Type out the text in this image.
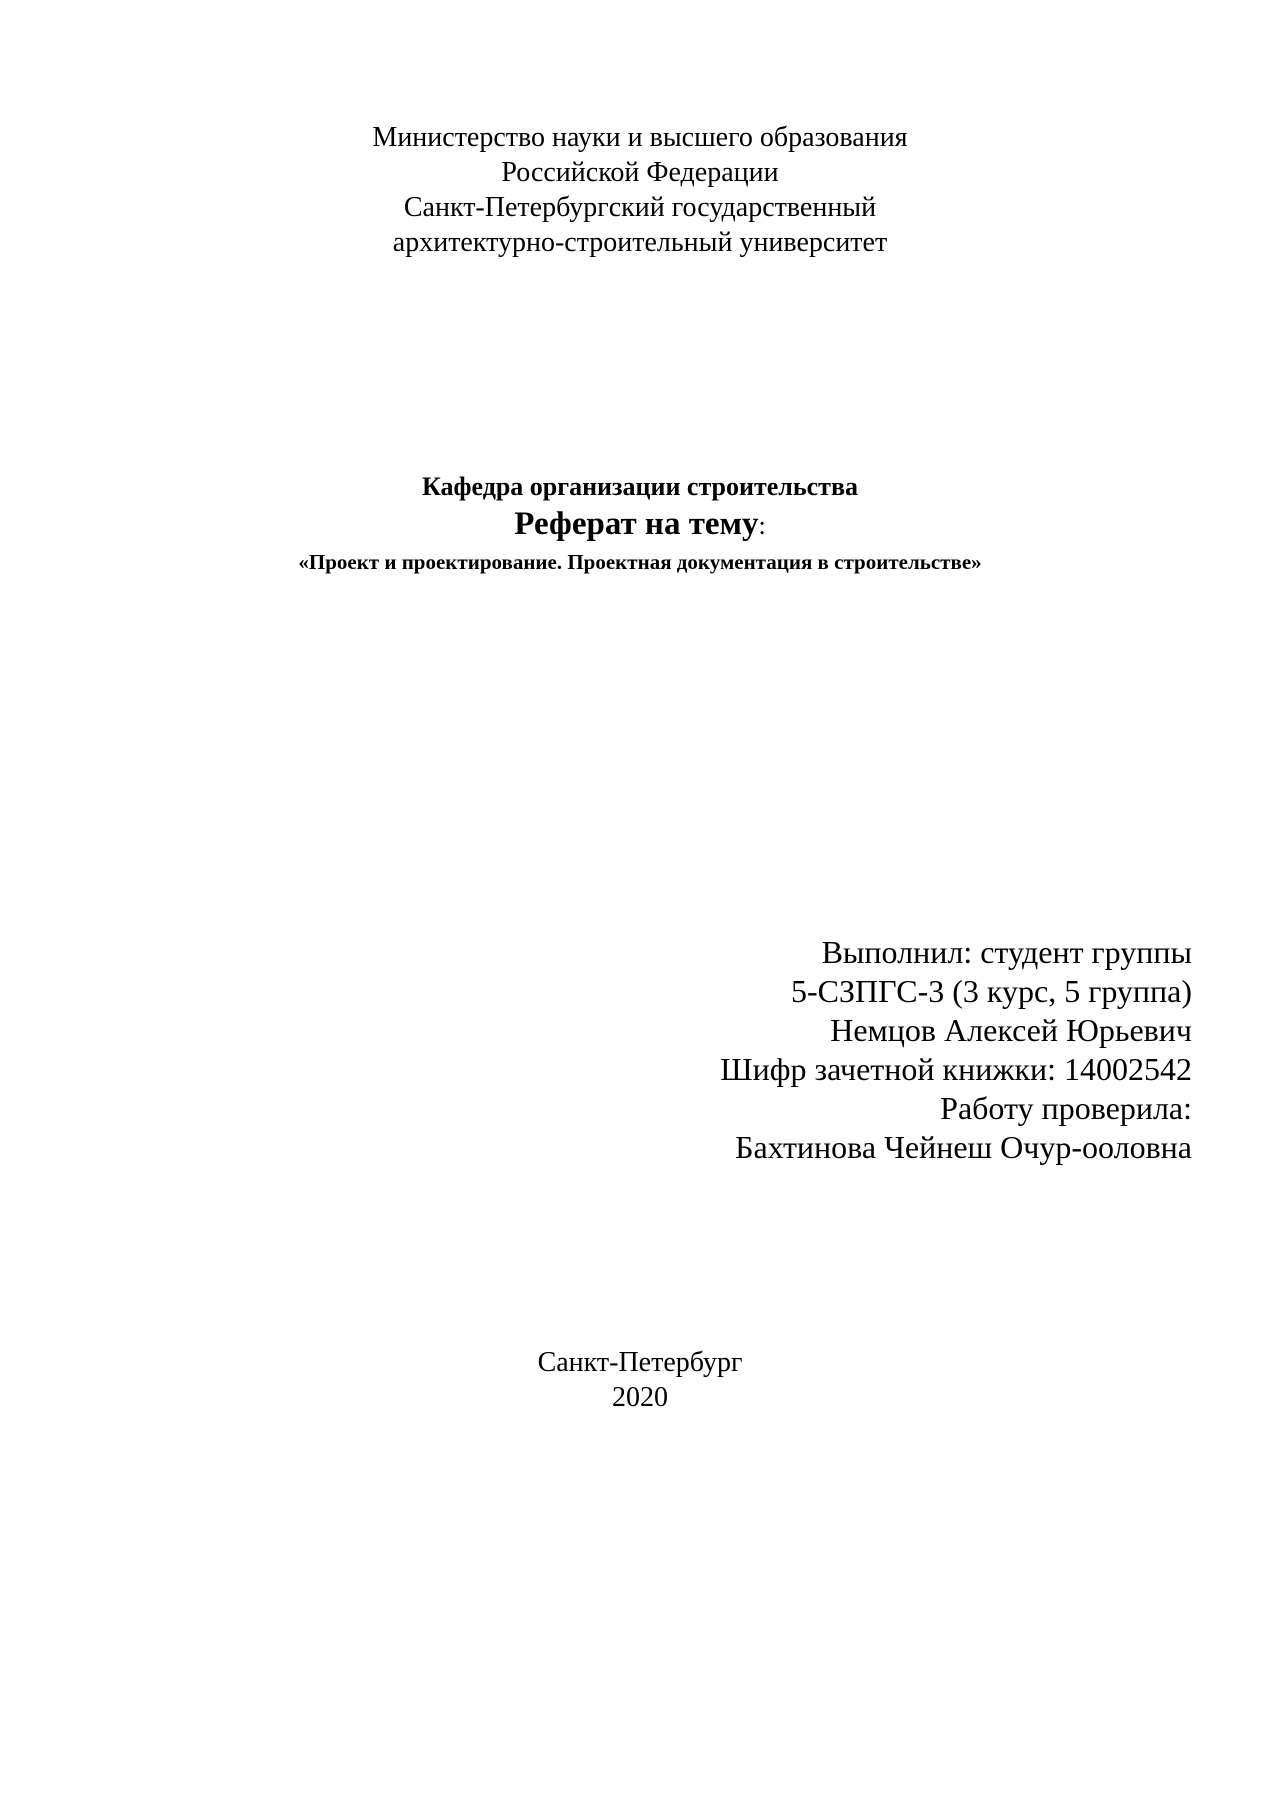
Министерство науки и высшего образования
Российской Федерации
Санкт-Петербургский государственный
архитектурно-строительный университет
Кафедра организации строительства
Реферат на тему:
«Проект и проектирование. Проектная документация в строительстве»
Выполнил: студент группы
5-СЗПГС-3 (3 курс, 5 группа)
Немцов Алексей Юрьевич
Шифр зачетной книжки: 14002542
Работу проверила:
Бахтинова Чейнеш Очур-ооловна
Санкт-Петербург
2020
